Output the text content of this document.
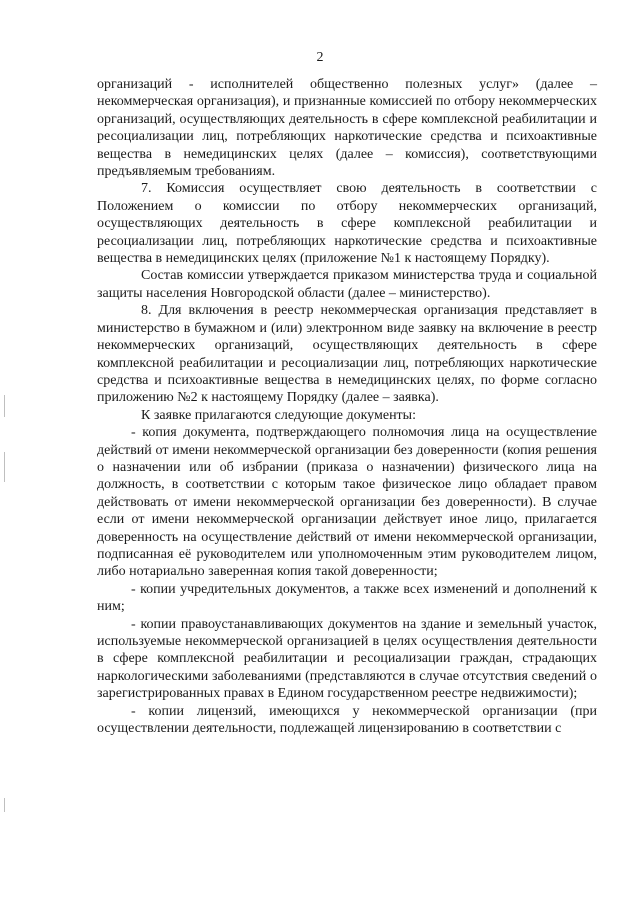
2

организаций - исполнителей общественно полезных услуг» (далее – некоммерческая организация), и признанные комиссией по отбору некоммерческих организаций, осуществляющих деятельность в сфере комплексной реабилитации и ресоциализации лиц, потребляющих наркотические средства и психоактивные вещества в немедицинских целях (далее – комиссия), соответствующими предъявляемым требованиям.

7. Комиссия осуществляет свою деятельность в соответствии с Положением о комиссии по отбору некоммерческих организаций, осуществляющих деятельность в сфере комплексной реабилитации и ресоциализации лиц, потребляющих наркотические средства и психоактивные вещества в немедицинских целях (приложение №1 к настоящему Порядку).

Состав комиссии утверждается приказом министерства труда и социальной защиты населения Новгородской области (далее – министерство).

8. Для включения в реестр некоммерческая организация представляет в министерство в бумажном и (или) электронном виде заявку на включение в реестр некоммерческих организаций, осуществляющих деятельность в сфере комплексной реабилитации и ресоциализации лиц, потребляющих наркотические средства и психоактивные вещества в немедицинских целях, по форме согласно приложению №2 к настоящему Порядку (далее – заявка).

К заявке прилагаются следующие документы:

- копия документа, подтверждающего полномочия лица на осуществление действий от имени некоммерческой организации без доверенности (копия решения о назначении или об избрании (приказа о назначении) физического лица на должность, в соответствии с которым такое физическое лицо обладает правом действовать от имени некоммерческой организации без доверенности). В случае если от имени некоммерческой организации действует иное лицо, прилагается доверенность на осуществление действий от имени некоммерческой организации, подписанная её руководителем или уполномоченным этим руководителем лицом, либо нотариально заверенная копия такой доверенности;

- копии учредительных документов, а также всех изменений и дополнений к ним;

- копии правоустанавливающих документов на здание и земельный участок, используемые некоммерческой организацией в целях осуществления деятельности в сфере комплексной реабилитации и ресоциализации граждан, страдающих наркологическими заболеваниями (представляются в случае отсутствия сведений о зарегистрированных правах в Едином государственном реестре недвижимости);

- копии лицензий, имеющихся у некоммерческой организации (при осуществлении деятельности, подлежащей лицензированию в соответствии с
